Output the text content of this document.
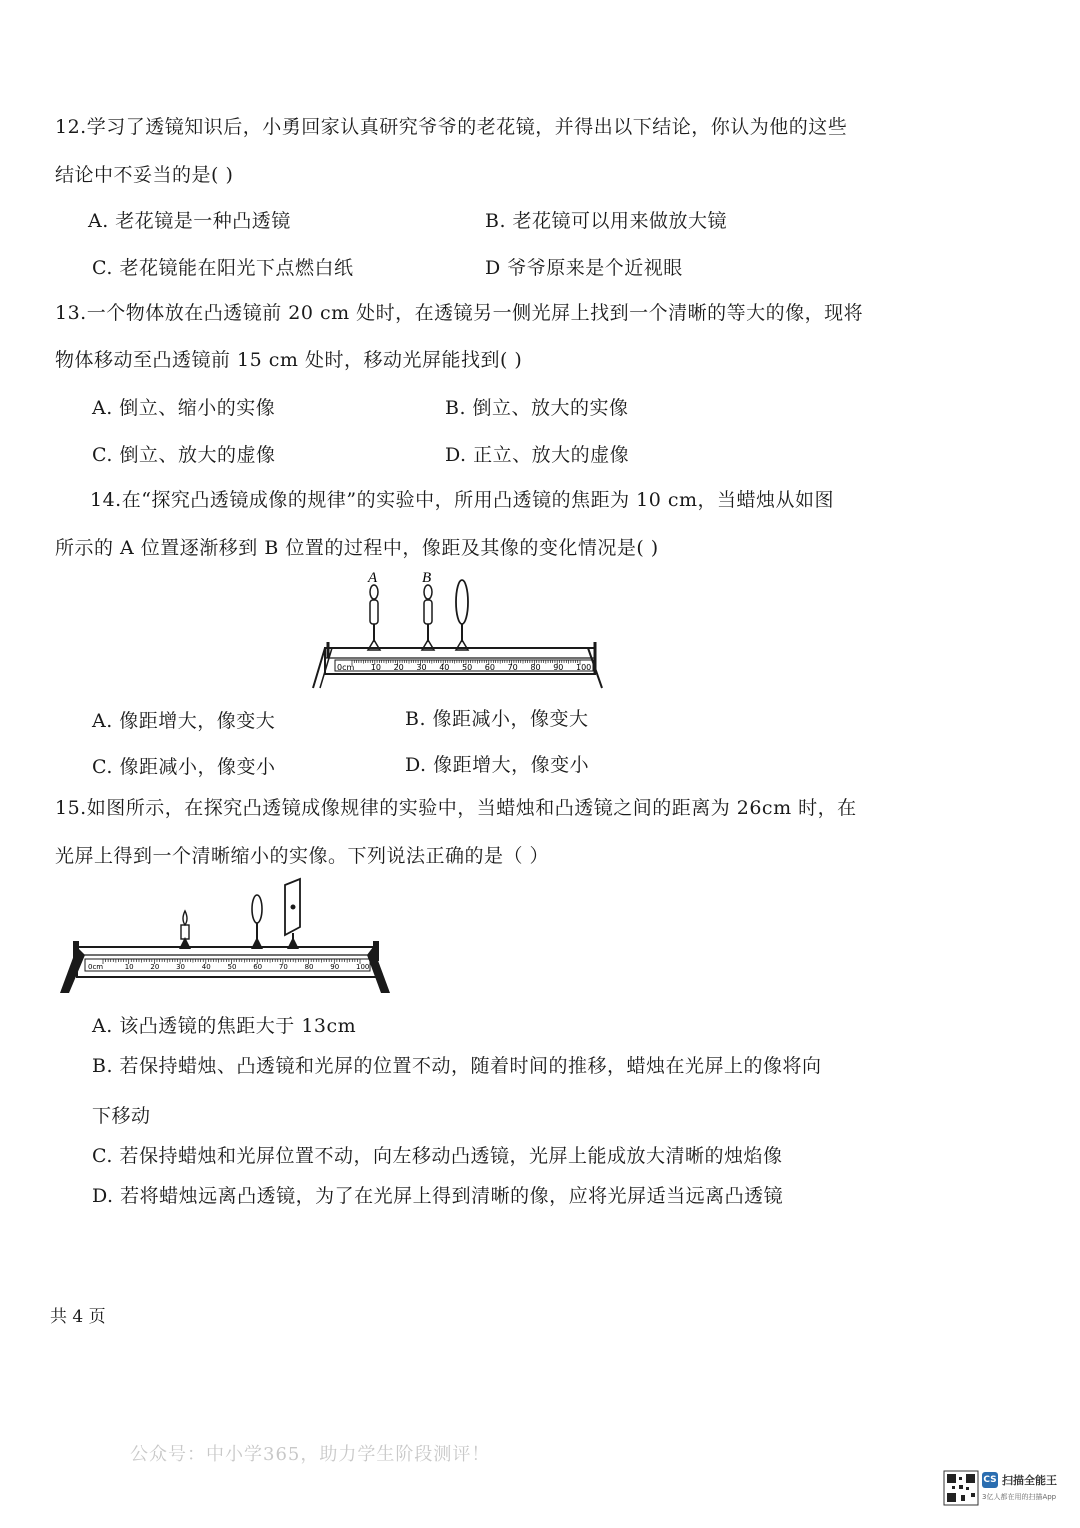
12.学习了透镜知识后，小勇回家认真研究爷爷的老花镜，并得出以下结论，你认为他的这些
结论中不妥当的是( )
A. 老花镜是一种凸透镜	B. 老花镜可以用来做放大镜
C. 老花镜能在阳光下点燃白纸	D 爷爷原来是个近视眼
13.一个物体放在凸透镜前 20 cm 处时，在透镜另一侧光屏上找到一个清晰的等大的像，现将
物体移动至凸透镜前 15 cm 处时，移动光屏能找到( )
A. 倒立、缩小的实像	B. 倒立、放大的实像
C. 倒立、放大的虚像	D. 正立、放大的虚像
14.在“探究凸透镜成像的规律”的实验中，所用凸透镜的焦距为 10 cm，当蜡烛从如图
所示的 A 位置逐渐移到 B 位置的过程中，像距及其像的变化情况是( )
0cm 10 20 30 40 50 60 70 80 90 100
A	B
A. 像距增大，像变大	B. 像距减小，像变大
C. 像距减小，像变小	D. 像距增大，像变小
15.如图所示，在探究凸透镜成像规律的实验中，当蜡烛和凸透镜之间的距离为 26cm 时，在
光屏上得到一个清晰缩小的实像。下列说法正确的是（ ）
0cm	10 20 30 40 50 60 70 80 90 100
A. 该凸透镜的焦距大于 13cm
B. 若保持蜡烛、凸透镜和光屏的位置不动，随着时间的推移，蜡烛在光屏上的像将向
下移动
C. 若保持蜡烛和光屏位置不动，向左移动凸透镜，光屏上能成放大清晰的烛焰像
D. 若将蜡烛远离凸透镜，为了在光屏上得到清晰的像，应将光屏适当远离凸透镜
共 4 页
公众号：中小学365，助力学生阶段测评！
CS 扫描全能王
3亿人都在用的扫描App
